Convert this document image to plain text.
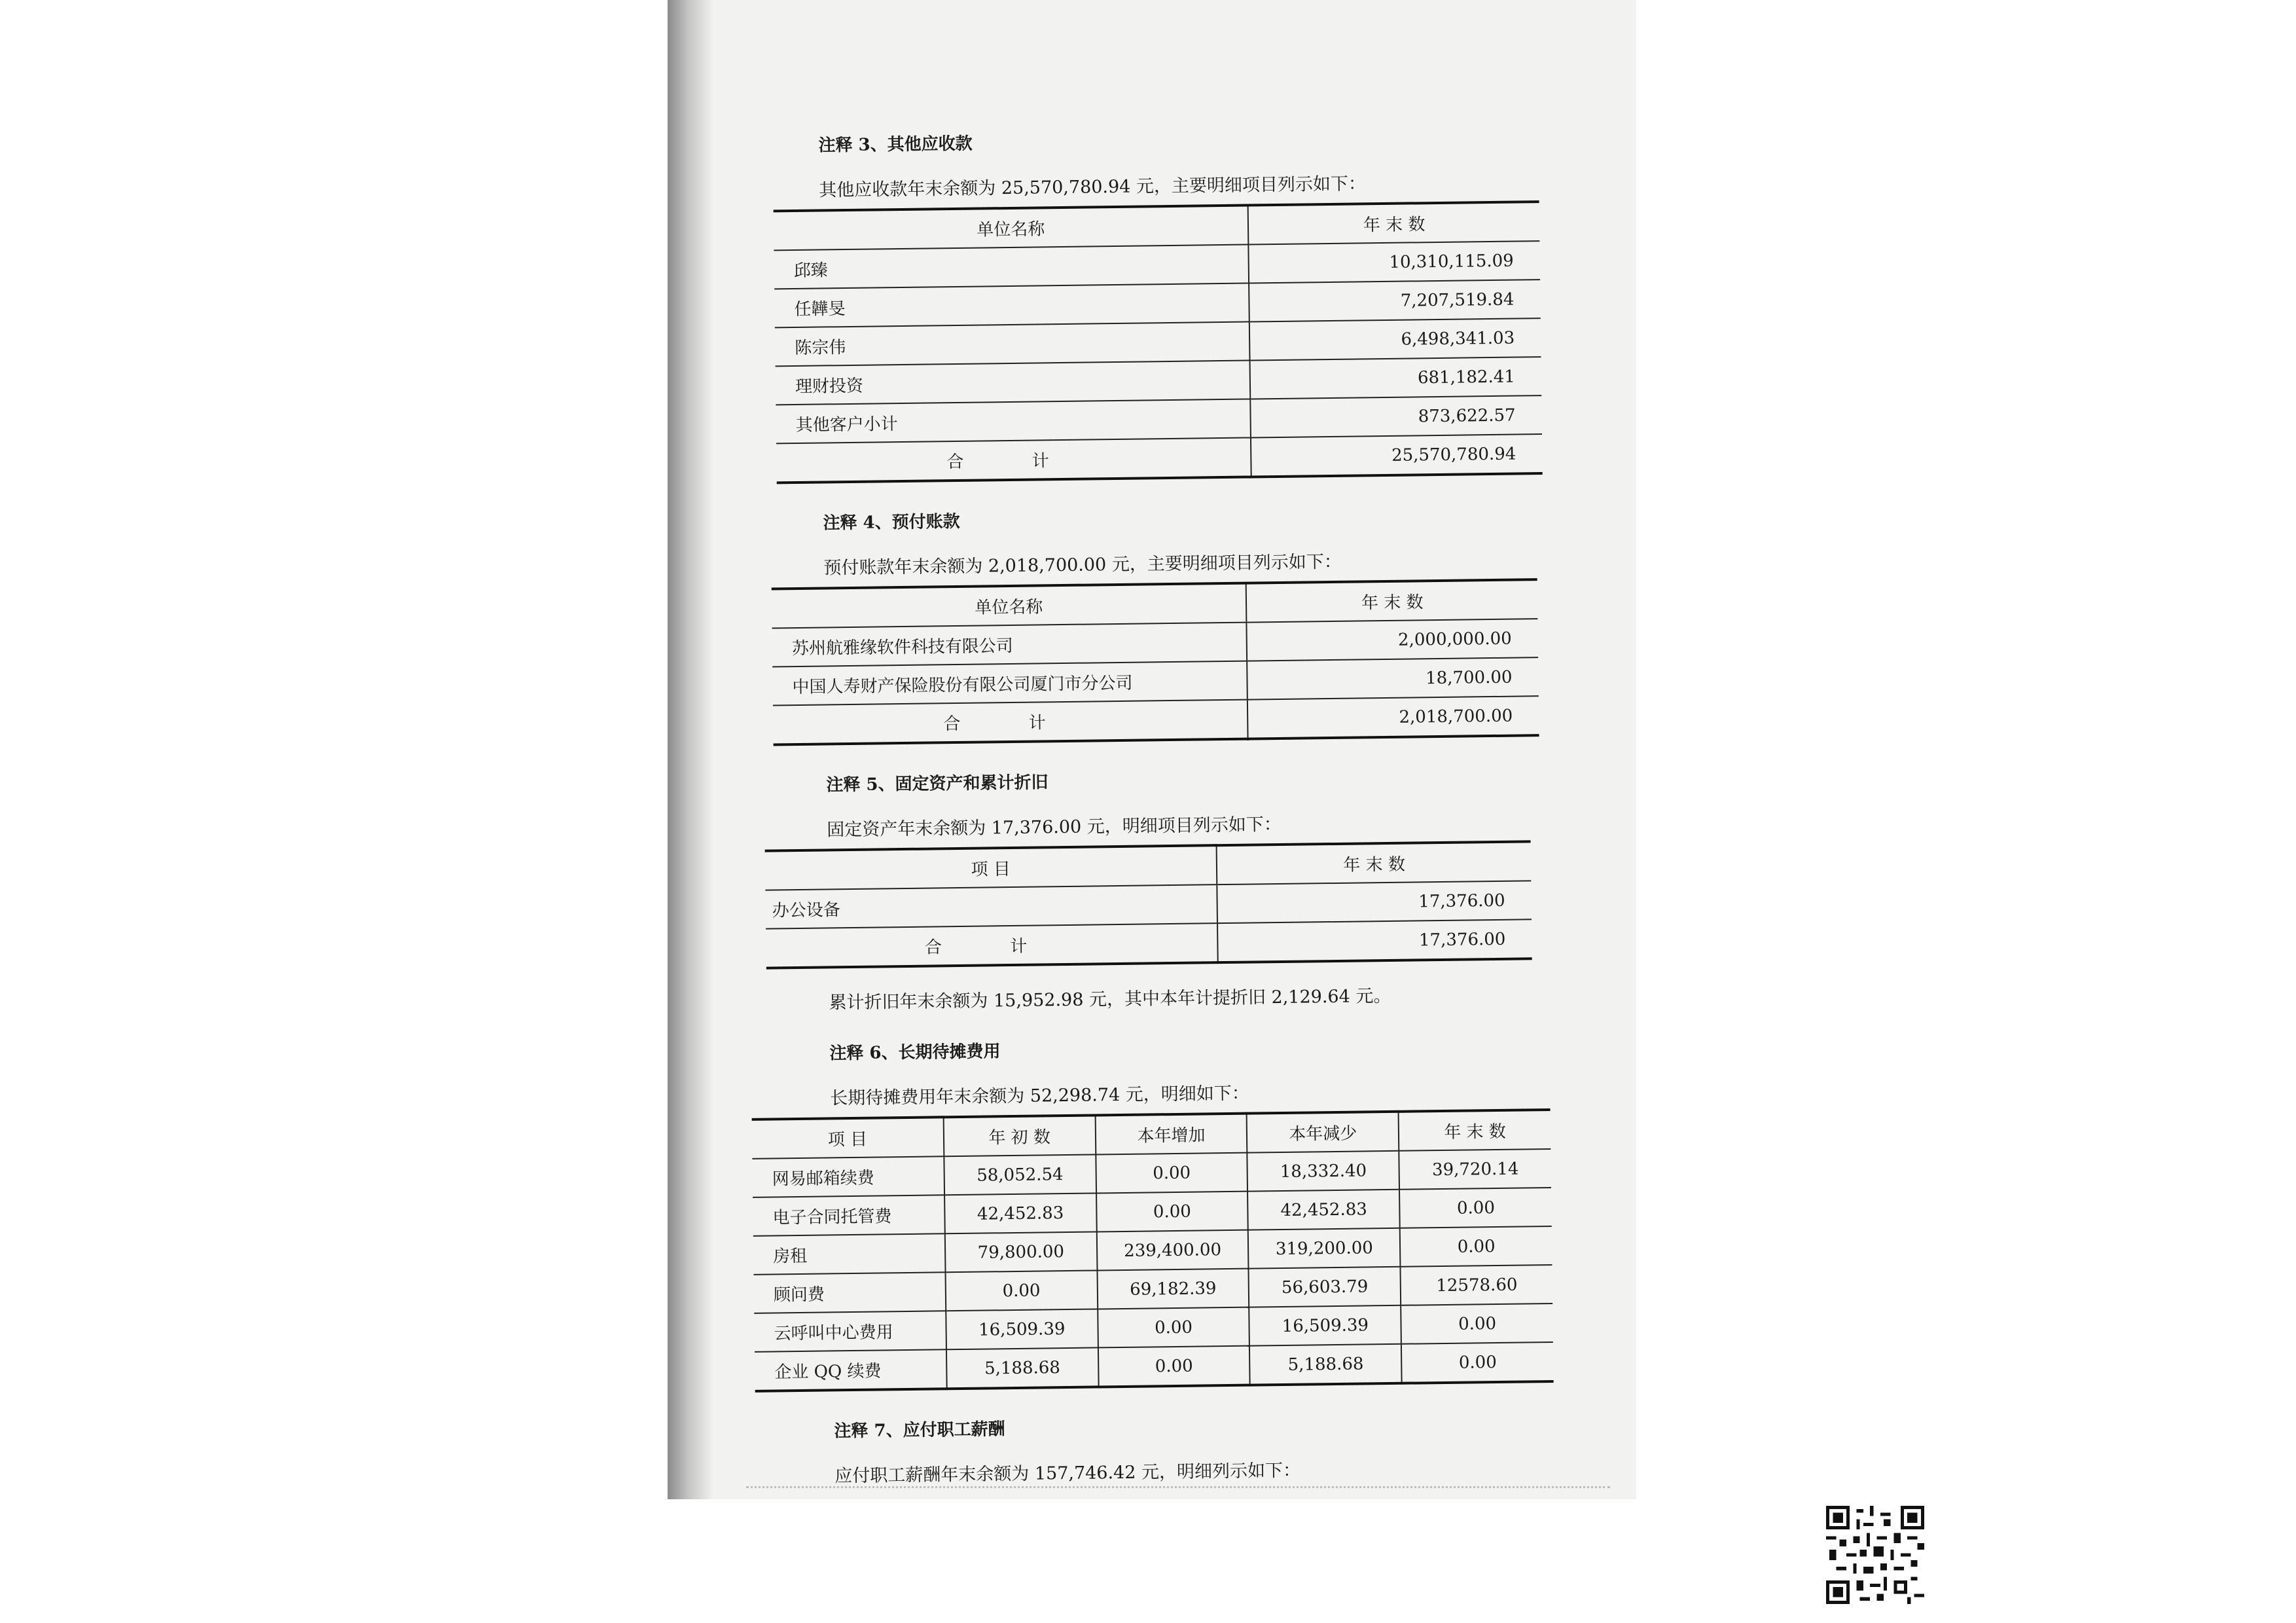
注释 3、其他应收款
其他应收款年末余额为 25,570,780.94 元，主要明细项目列示如下：
单位名称	年 末 数
邱臻	10,310,115.09
任韡旻	7,207,519.84
陈宗伟	6,498,341.03
理财投资	681,182.41
其他客户小计	873,622.57
合 计	25,570,780.94
注释 4、预付账款
预付账款年末余额为 2,018,700.00 元，主要明细项目列示如下：
单位名称	年 末 数
苏州航雅缘软件科技有限公司	2,000,000.00
中国人寿财产保险股份有限公司厦门市分公司	18,700.00
合 计	2,018,700.00
注释 5、固定资产和累计折旧
固定资产年末余额为 17,376.00 元，明细项目列示如下：
项 目	年 末 数
办公设备	17,376.00
合 计	17,376.00
累计折旧年末余额为 15,952.98 元，其中本年计提折旧 2,129.64 元。
注释 6、长期待摊费用
长期待摊费用年末余额为 52,298.74 元，明细如下：
项 目	年 初 数	本年增加	本年减少	年 末 数
网易邮箱续费	58,052.54	0.00	18,332.40	39,720.14
电子合同托管费	42,452.83	0.00	42,452.83	0.00
房租	79,800.00	239,400.00	319,200.00	0.00
顾问费	0.00	69,182.39	56,603.79	12578.60
云呼叫中心费用	16,509.39	0.00	16,509.39	0.00
企业 QQ 续费	5,188.68	0.00	5,188.68	0.00
注释 7、应付职工薪酬
应付职工薪酬年末余额为 157,746.42 元，明细列示如下：
